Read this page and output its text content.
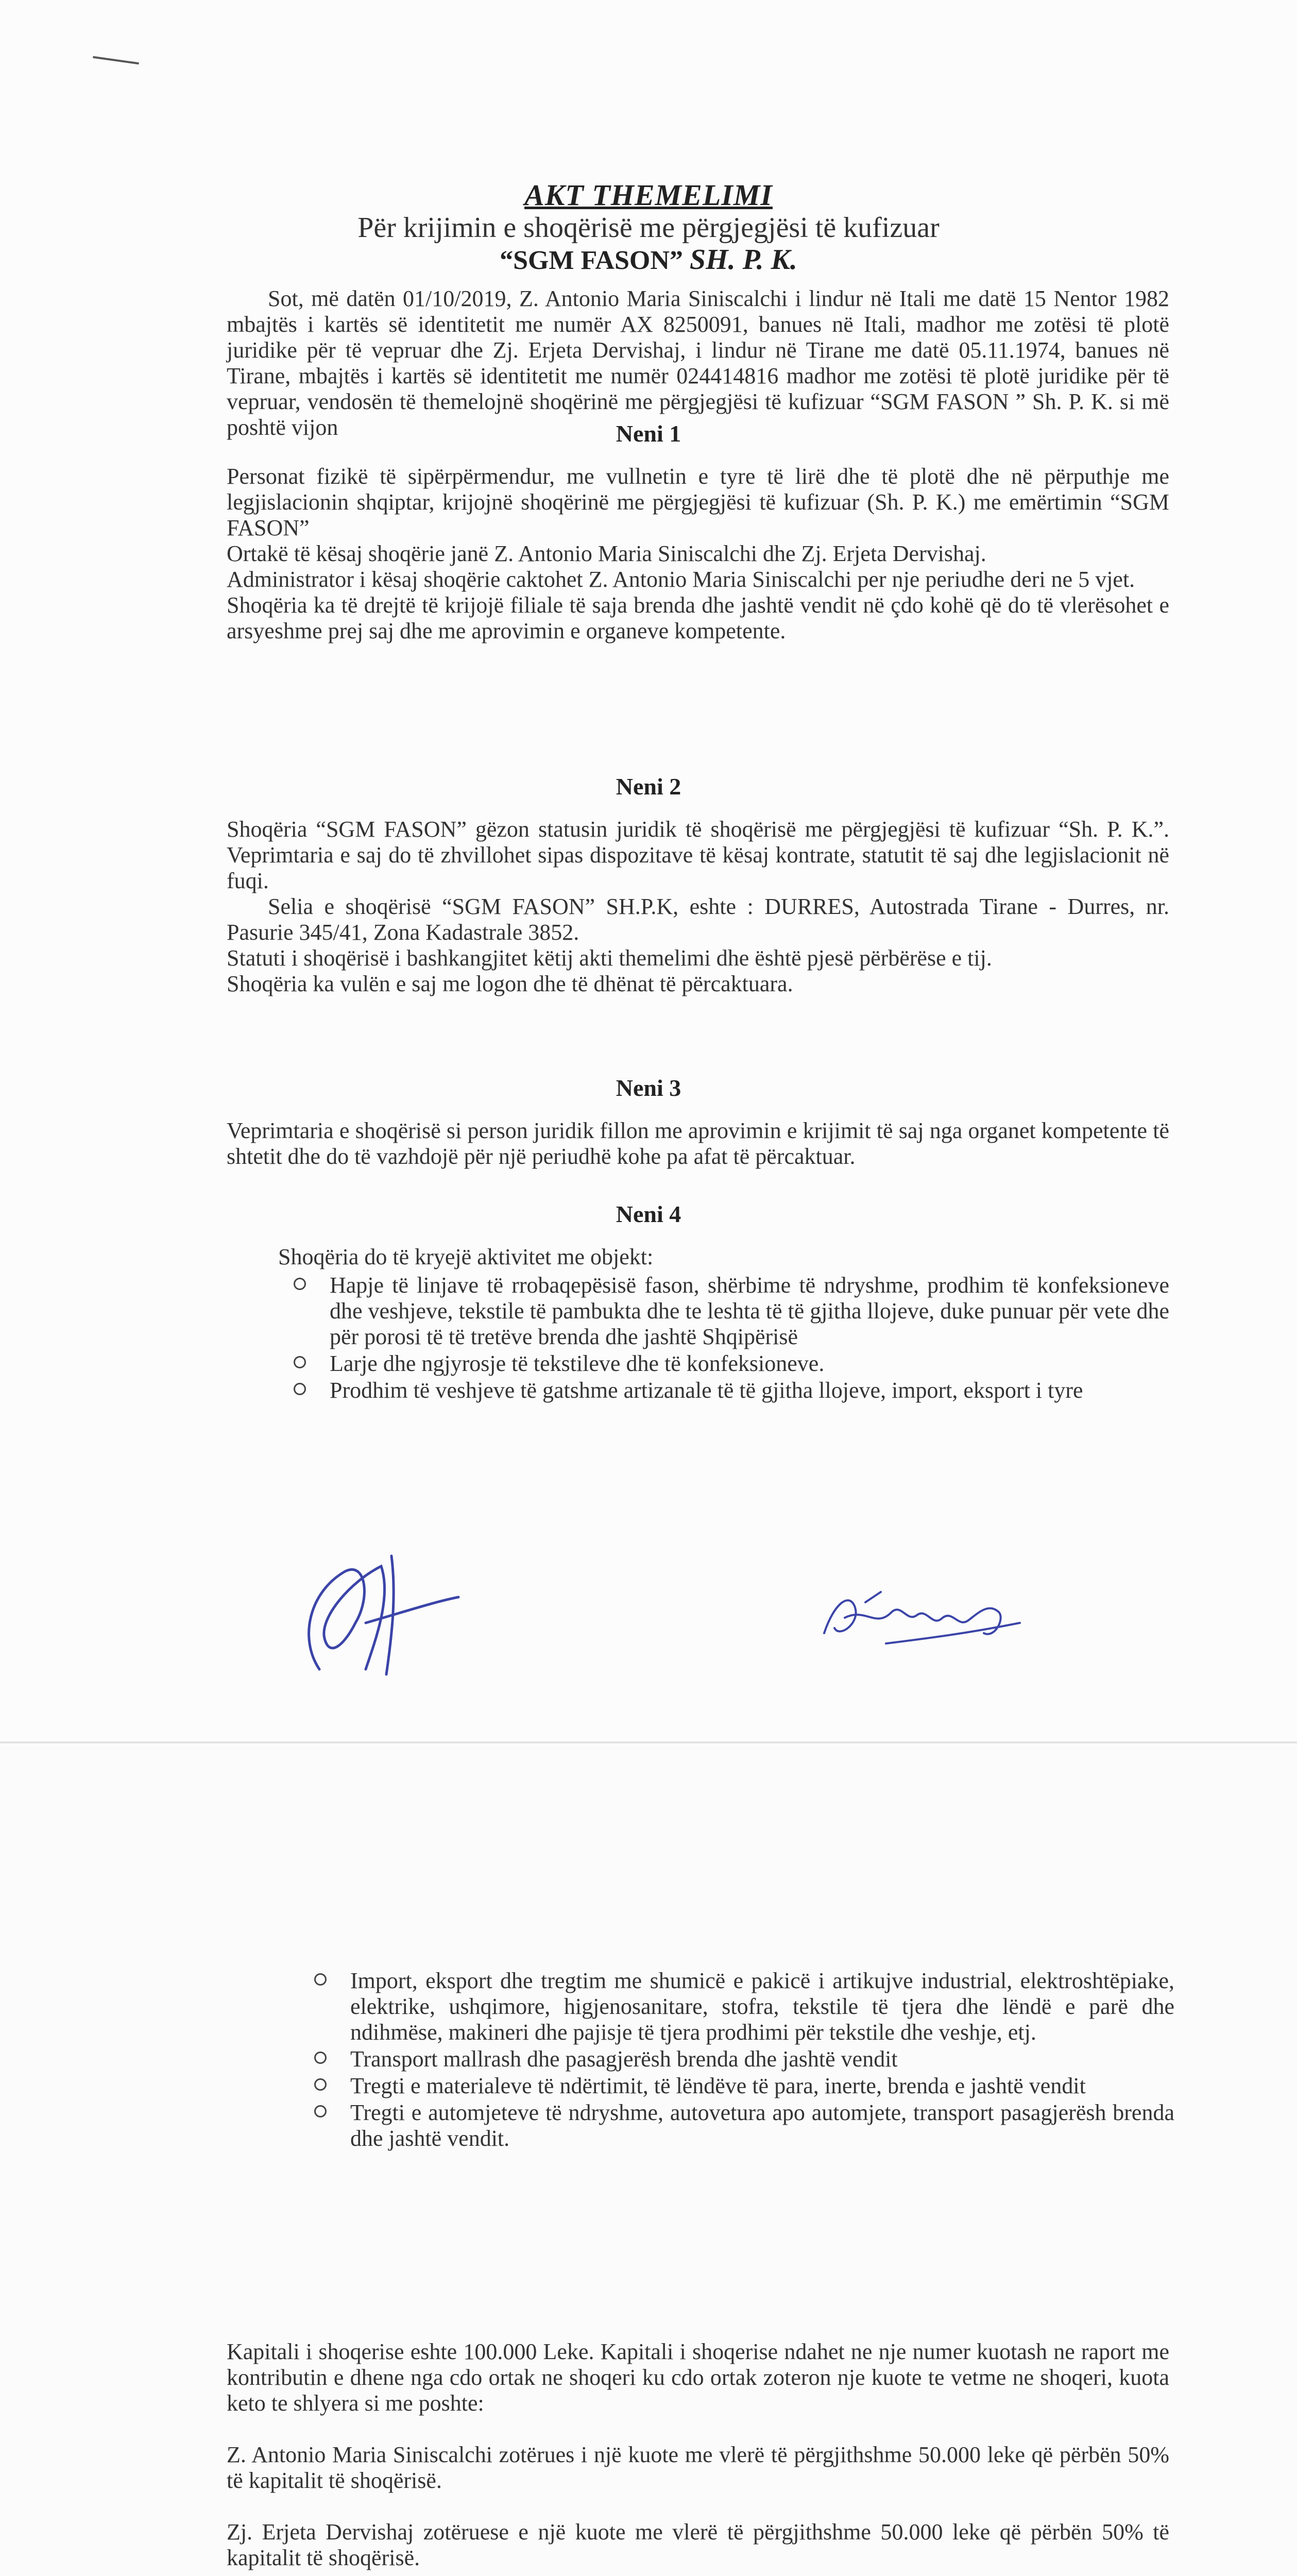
AKT THEMELIMI
Për krijimin e shoqërisë me përgjegjësi të kufizuar
“SGM FASON” SH. P. K.

Sot, më datën 01/10/2019, Z. Antonio Maria Siniscalchi i lindur në Itali me datë 15 Nentor 1982 mbajtës i kartës së identitetit me numër AX 8250091, banues në Itali, madhor me zotësi të plotë juridike për të vepruar dhe Zj. Erjeta Dervishaj, i lindur në Tirane me datë 05.11.1974, banues në Tirane, mbajtës i kartës së identitetit me numër 024414816 madhor me zotësi të plotë juridike për të vepruar, vendosën të themelojnë shoqërinë me përgjegjësi të kufizuar “SGM FASON ” Sh. P. K. si më poshtë vijon	Neni 1

Personat fizikë të sipërpërmendur, me vullnetin e tyre të lirë dhe të plotë dhe në përputhje me legjislacionin shqiptar, krijojnë shoqërinë me përgjegjësi të kufizuar (Sh. P. K.) me emërtimin “SGM FASON”

Ortakë të kësaj shoqërie janë Z. Antonio Maria Siniscalchi dhe Zj. Erjeta Dervishaj.

Administrator i kësaj shoqërie caktohet Z. Antonio Maria Siniscalchi per nje periudhe deri ne 5 vjet.

Shoqëria ka të drejtë të krijojë filiale të saja brenda dhe jashtë vendit në çdo kohë që do të vlerësohet e arsyeshme prej saj dhe me aprovimin e organeve kompetente.

Neni 2

Shoqëria “SGM FASON” gëzon statusin juridik të shoqërisë me përgjegjësi të kufizuar “Sh. P. K.”. Veprimtaria e saj do të zhvillohet sipas dispozitave të kësaj kontrate, statutit të saj dhe legjislacionit në fuqi.

Selia e shoqërisë “SGM FASON” SH.P.K, eshte : DURRES, Autostrada Tirane - Durres, nr. Pasurie 345/41, Zona Kadastrale 3852.

Statuti i shoqërisë i bashkangjitet këtij akti themelimi dhe është pjesë përbërëse e tij.

Shoqëria ka vulën e saj me logon dhe të dhënat të përcaktuara.

Neni 3

Veprimtaria e shoqërisë si person juridik fillon me aprovimin e krijimit të saj nga organet kompetente të shtetit dhe do të vazhdojë për një periudhë kohe pa afat të përcaktuar.

Neni 4

Shoqëria do të kryejë aktivitet me objekt:

Hapje të linjave të rrobaqepësisë fason, shërbime të ndryshme, prodhim të konfeksioneve dhe veshjeve, tekstile të pambukta dhe te leshta të të gjitha llojeve, duke punuar për vete dhe për porosi të të tretëve brenda dhe jashtë Shqipërisë
Larje dhe ngjyrosje të tekstileve dhe të konfeksioneve.
Prodhim të veshjeve të gatshme artizanale të të gjitha llojeve, import, eksport i tyre
Import, eksport dhe tregtim me shumicë e pakicë i artikujve industrial, elektroshtëpiake, elektrike, ushqimore, higjenosanitare, stofra, tekstile të tjera dhe lëndë e parë dhe ndihmëse, makineri dhe pajisje të tjera prodhimi për tekstile dhe veshje, etj.
Transport mallrash dhe pasagjerësh brenda dhe jashtë vendit
Tregti e materialeve të ndërtimit, të lëndëve të para, inerte, brenda e jashtë vendit
Tregti e automjeteve të ndryshme, autovetura apo automjete, transport pasagjerësh brenda dhe jashtë vendit.

Kapitali i shoqerise eshte 100.000 Leke. Kapitali i shoqerise ndahet ne nje numer kuotash ne raport me kontributin e dhene nga cdo ortak ne shoqeri ku cdo ortak zoteron nje kuote te vetme ne shoqeri, kuota keto te shlyera si me poshte:

Z. Antonio Maria Siniscalchi zotërues i një kuote me vlerë të përgjithshme 50.000 leke që përbën 50% të kapitalit të shoqërisë.

Zj. Erjeta Dervishaj zotëruese e një kuote me vlerë të përgjithshme 50.000 leke që përbën 50% të kapitalit të shoqërisë.
